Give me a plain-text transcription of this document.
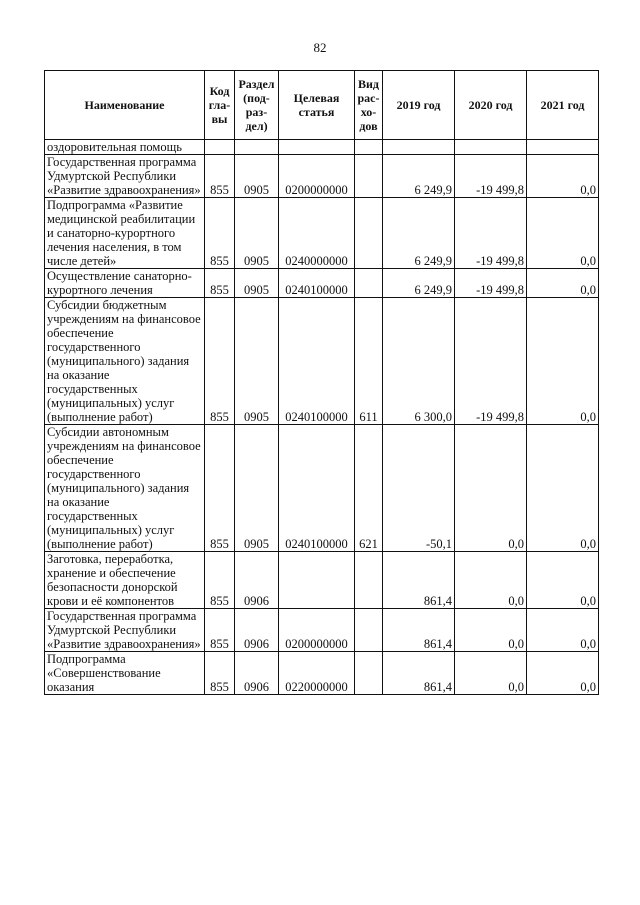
82
Наименование	Код гла-вы	Раздел (под-раз-дел)	Целевая статья	Вид рас-хо-дов	2019 год	2020 год	2021 год
оздоровительная помощь							
Государственная программа Удмуртской Республики «Развитие здравоохранения»	855	0905	0200000000		6 249,9	-19 499,8	0,0
Подпрограмма «Развитие медицинской реабилитации и санаторно-курортного лечения населения, в том числе детей»	855	0905	0240000000		6 249,9	-19 499,8	0,0
Осуществление санаторно-курортного лечения	855	0905	0240100000		6 249,9	-19 499,8	0,0
Субсидии бюджетным учреждениям на финансовое обеспечение государственного (муниципального) задания на оказание государственных (муниципальных) услуг (выполнение работ)	855	0905	0240100000	611	6 300,0	-19 499,8	0,0
Субсидии автономным учреждениям на финансовое обеспечение государственного (муниципального) задания на оказание государственных (муниципальных) услуг (выполнение работ)	855	0905	0240100000	621	-50,1	0,0	0,0
Заготовка, переработка, хранение и обеспечение безопасности донорской крови и её компонентов	855	0906			861,4	0,0	0,0
Государственная программа Удмуртской Республики «Развитие здравоохранения»	855	0906	0200000000		861,4	0,0	0,0
Подпрограмма «Совершенствование оказания	855	0906	0220000000		861,4	0,0	0,0
